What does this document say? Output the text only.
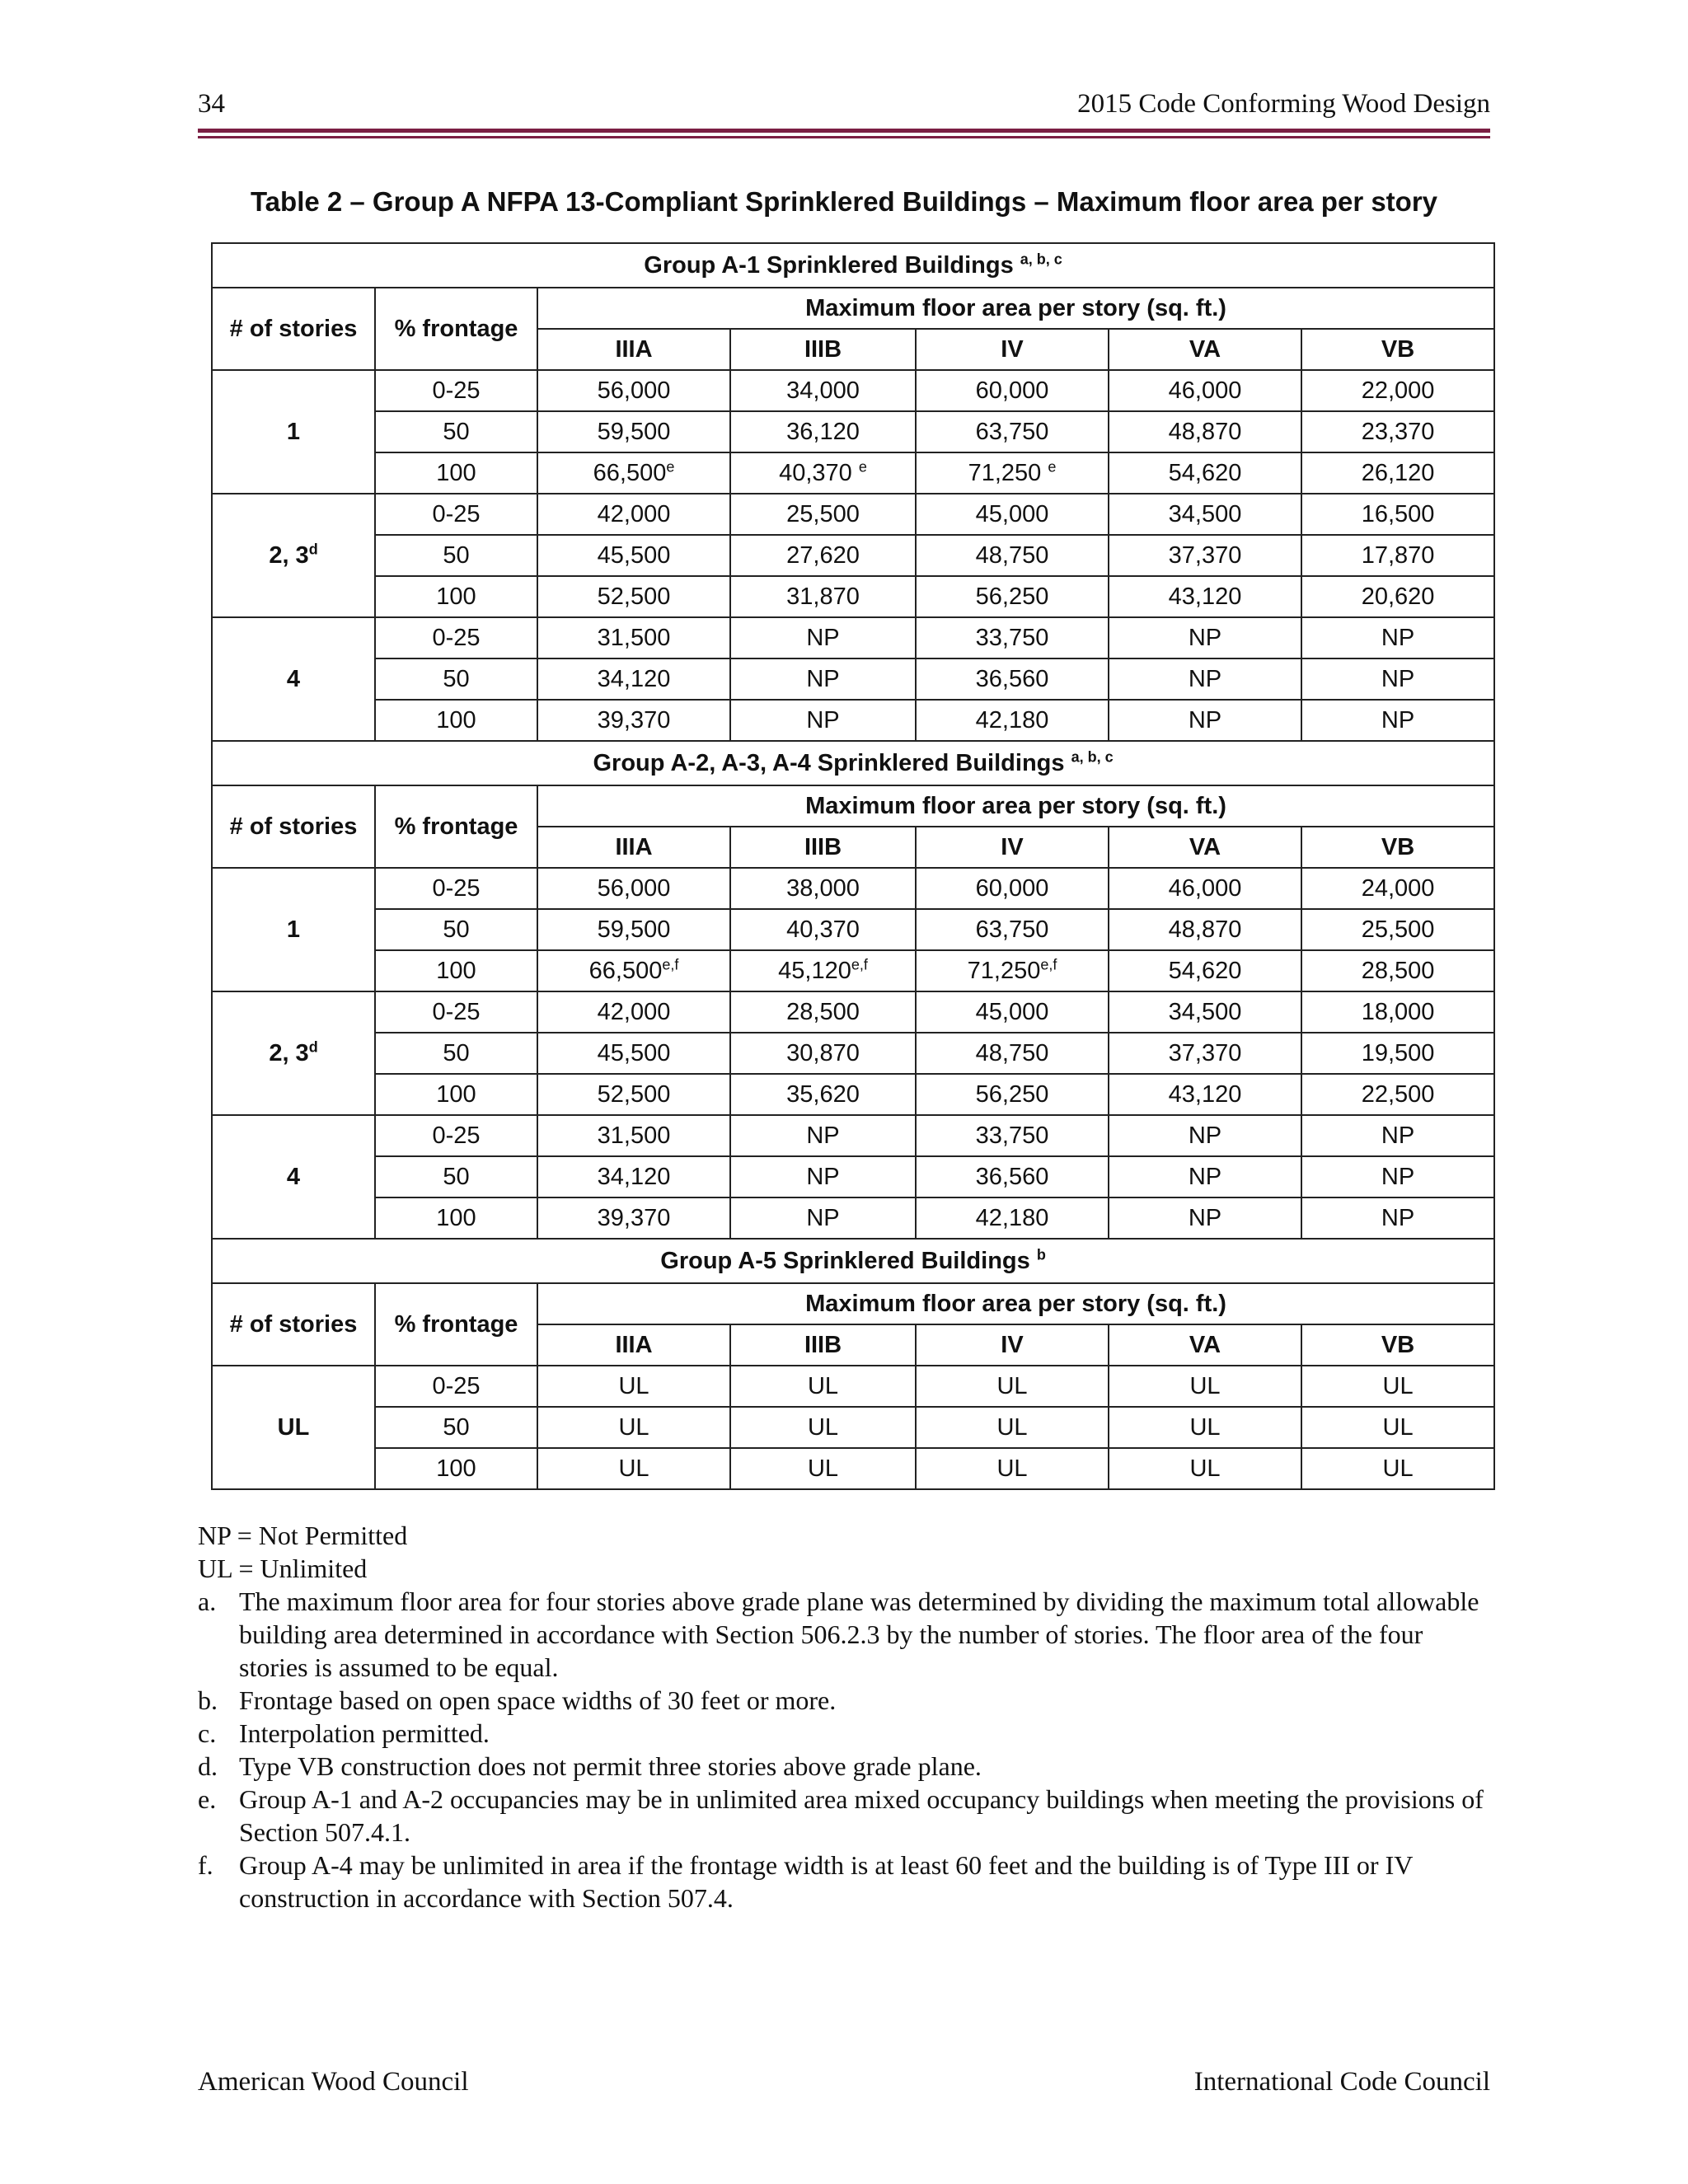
34	2015 Code Conforming Wood Design
Table 2 – Group A NFPA 13-Compliant Sprinklered Buildings – Maximum floor area per story
Group A-1 Sprinklered Buildings $^{a, b, c}$
# of stories	% frontage	Maximum floor area per story (sq. ft.)				
		IIIA	IIIB	IV	VA	VB
1	0-25	56,000	34,000	60,000	46,000	22,000
	50	59,500	36,120	63,750	48,870	23,370
	100	66,500e	40,370 $^e$	71,250 $^e$	54,620	26,120
2, 3$^d$	0-25	42,000	25,500	45,000	34,500	16,500
	50	45,500	27,620	48,750	37,370	17,870
	100	52,500	31,870	56,250	43,120	20,620
4	0-25	31,500	NP	33,750	NP	NP
	50	34,120	NP	36,560	NP	NP
	100	39,370	NP	42,180	NP	NP
Group A-2, A-3, A-4 Sprinklered Buildings $^{a, b, c}$
# of stories	% frontage	Maximum floor area per story (sq. ft.)				
		IIIA	IIIB	IV	VA	VB
1	0-25	56,000	38,000	60,000	46,000	24,000
	50	59,500	40,370	63,750	48,870	25,500
	100	66,500$^{e,f}$	45,120$^{e,f}$	71,250$^{e,f}$	54,620	28,500
2, 3$^d$	0-25	42,000	28,500	45,000	34,500	18,000
	50	45,500	30,870	48,750	37,370	19,500
	100	52,500	35,620	56,250	43,120	22,500
4	0-25	31,500	NP	33,750	NP	NP
	50	34,120	NP	36,560	NP	NP
	100	39,370	NP	42,180	NP	NP
Group A-5 Sprinklered Buildings $^b$
# of stories	% frontage	Maximum floor area per story (sq. ft.)				
		IIIA	IIIB	IV	VA	VB
UL	0-25	UL	UL	UL	UL	UL
	50	UL	UL	UL	UL	UL
	100	UL	UL	UL	UL	UL

NP = Not Permitted

UL = Unlimited

a. The maximum floor area for four stories above grade plane was determined by dividing the maximum total allowable building area determined in accordance with Section 506.2.3 by the number of stories. The floor area of the four stories is assumed to be equal.
b. Frontage based on open space widths of 30 feet or more.
c. Interpolation permitted.
d. Type VB construction does not permit three stories above grade plane.
e. Group A-1 and A-2 occupancies may be in unlimited area mixed occupancy buildings when meeting the provisions of Section 507.4.1.
f. Group A-4 may be unlimited in area if the frontage width is at least 60 feet and the building is of Type III or IV construction in accordance with Section 507.4.
American Wood Council	International Code Council
